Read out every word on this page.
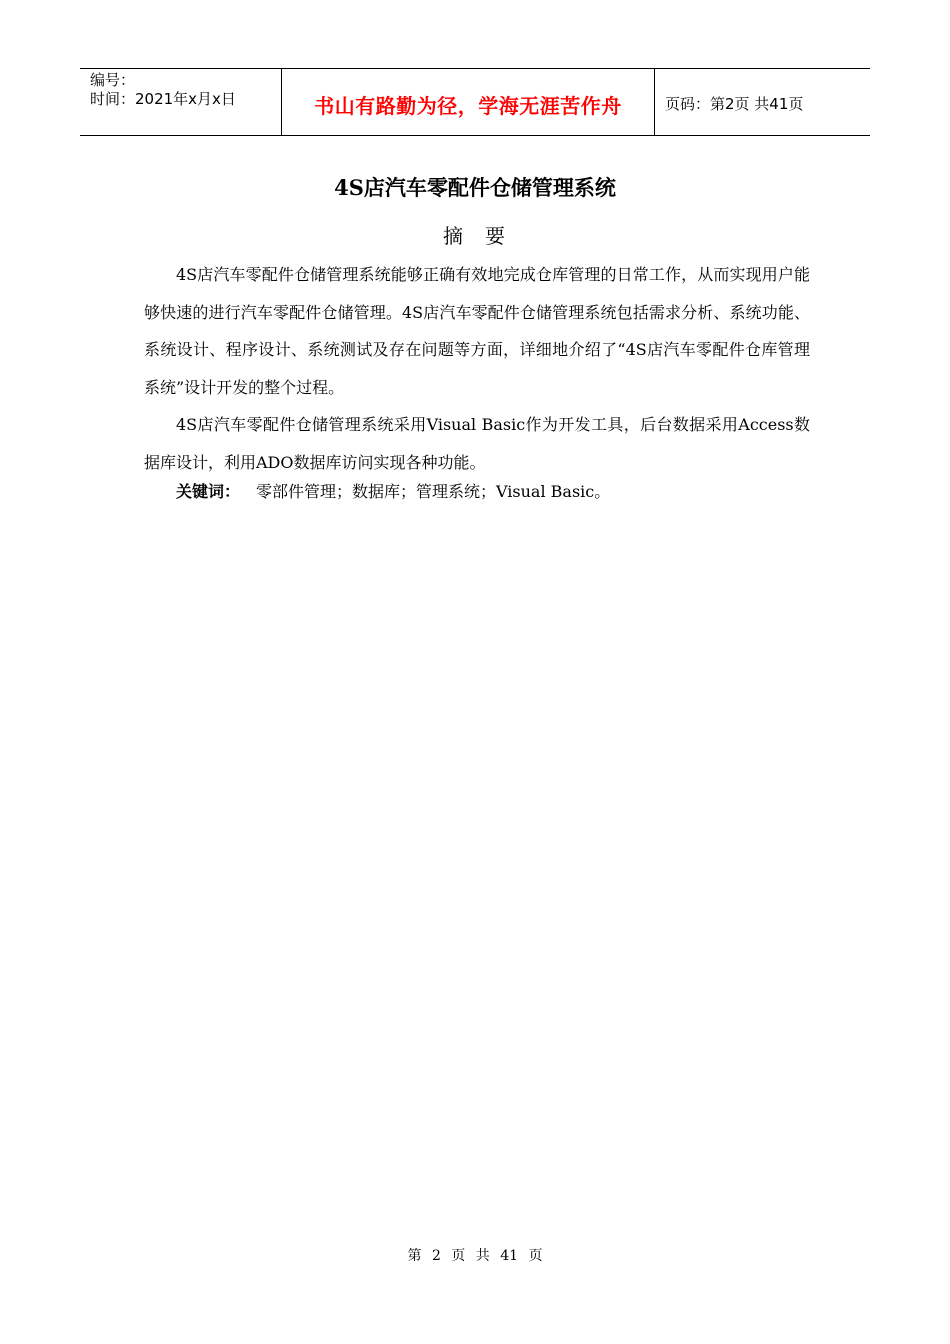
编号：
时间：2021年x月x日	书山有路勤为径，学海无涯苦作舟	页码：第2页 共41页
4S店汽车零配件仓储管理系统
摘要

4S店汽车零配件仓储管理系统能够正确有效地完成仓库管理的日常工作，从而实现用户能够快速的进行汽车零配件仓储管理。4S店汽车零配件仓储管理系统包括需求分析、系统功能、系统设计、程序设计、系统测试及存在问题等方面，详细地介绍了“4S店汽车零配件仓库管理系统”设计开发的整个过程。

4S店汽车零配件仓储管理系统采用Visual Basic作为开发工具，后台数据采用Access数据库设计，利用ADO数据库访问实现各种功能。

关键词： 零部件管理；数据库；管理系统；Visual Basic。
第 2 页 共 41 页
